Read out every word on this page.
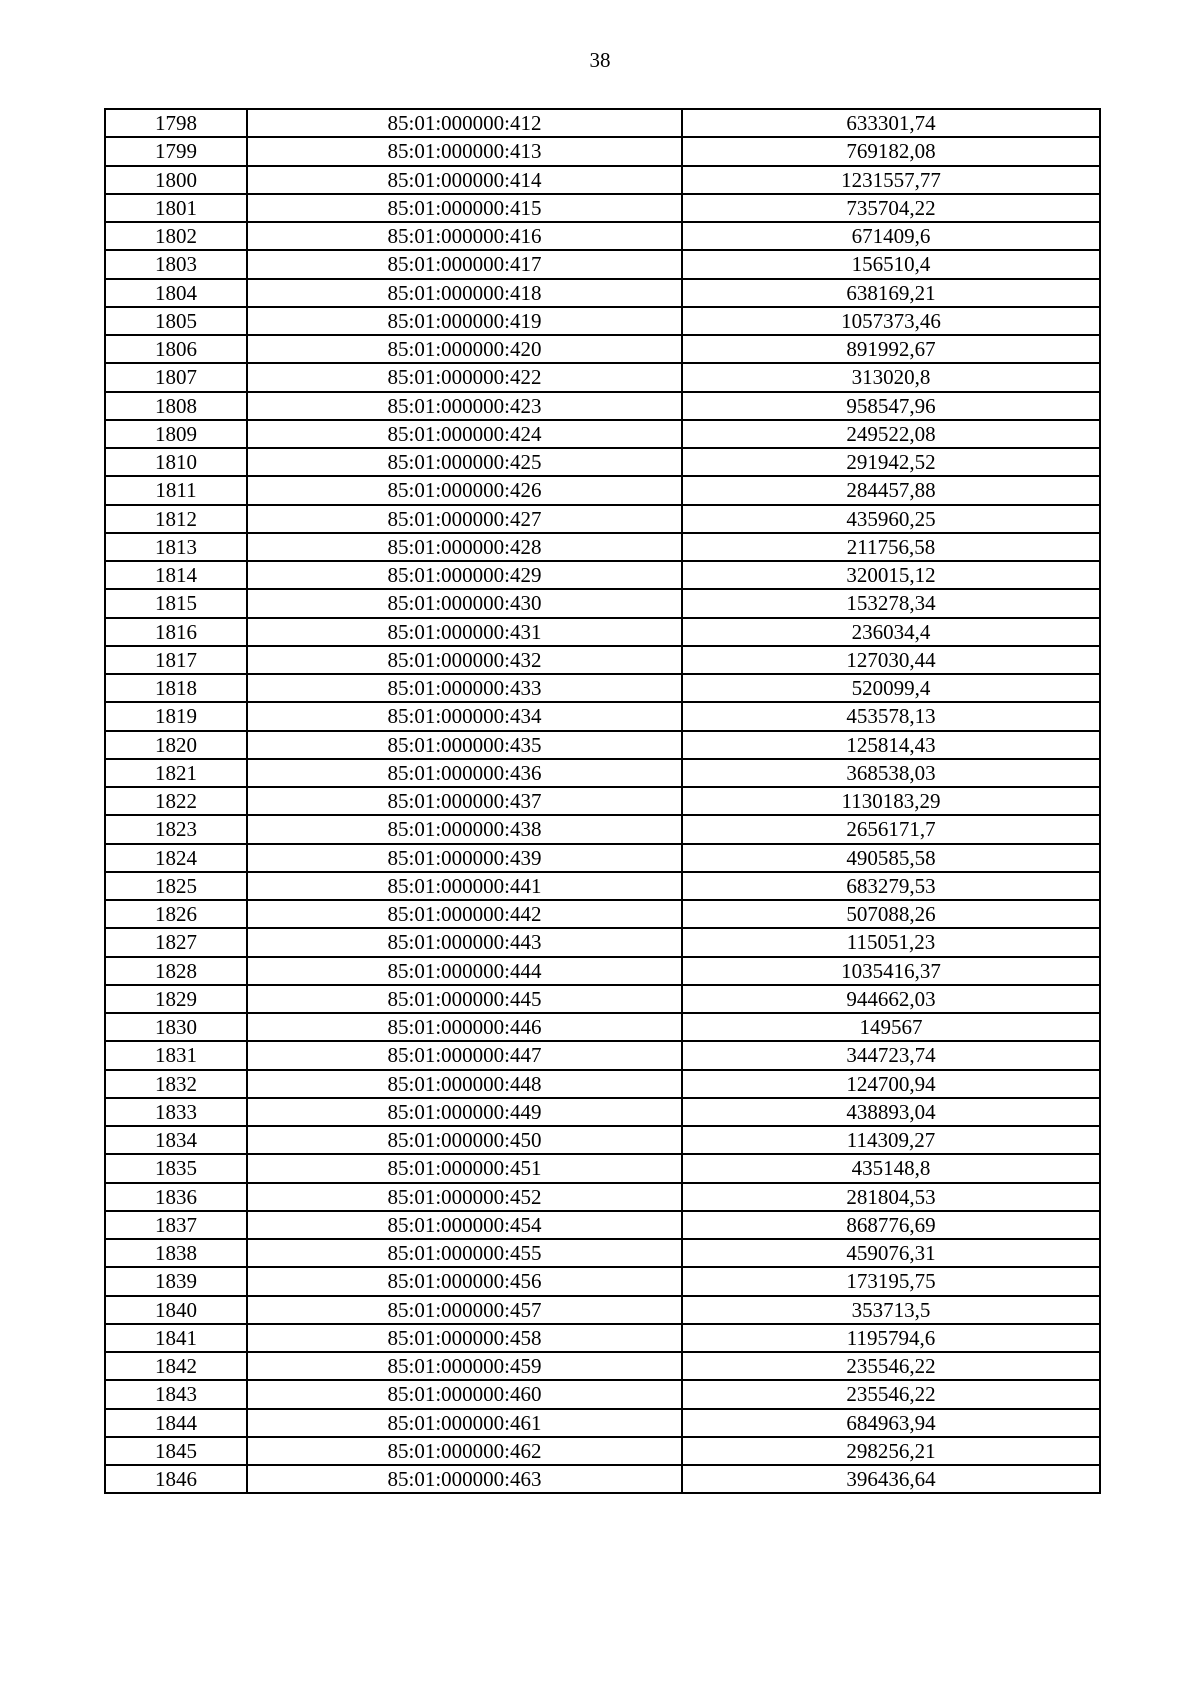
38
1798	85:01:000000:412	633301,74
1799	85:01:000000:413	769182,08
1800	85:01:000000:414	1231557,77
1801	85:01:000000:415	735704,22
1802	85:01:000000:416	671409,6
1803	85:01:000000:417	156510,4
1804	85:01:000000:418	638169,21
1805	85:01:000000:419	1057373,46
1806	85:01:000000:420	891992,67
1807	85:01:000000:422	313020,8
1808	85:01:000000:423	958547,96
1809	85:01:000000:424	249522,08
1810	85:01:000000:425	291942,52
1811	85:01:000000:426	284457,88
1812	85:01:000000:427	435960,25
1813	85:01:000000:428	211756,58
1814	85:01:000000:429	320015,12
1815	85:01:000000:430	153278,34
1816	85:01:000000:431	236034,4
1817	85:01:000000:432	127030,44
1818	85:01:000000:433	520099,4
1819	85:01:000000:434	453578,13
1820	85:01:000000:435	125814,43
1821	85:01:000000:436	368538,03
1822	85:01:000000:437	1130183,29
1823	85:01:000000:438	2656171,7
1824	85:01:000000:439	490585,58
1825	85:01:000000:441	683279,53
1826	85:01:000000:442	507088,26
1827	85:01:000000:443	115051,23
1828	85:01:000000:444	1035416,37
1829	85:01:000000:445	944662,03
1830	85:01:000000:446	149567
1831	85:01:000000:447	344723,74
1832	85:01:000000:448	124700,94
1833	85:01:000000:449	438893,04
1834	85:01:000000:450	114309,27
1835	85:01:000000:451	435148,8
1836	85:01:000000:452	281804,53
1837	85:01:000000:454	868776,69
1838	85:01:000000:455	459076,31
1839	85:01:000000:456	173195,75
1840	85:01:000000:457	353713,5
1841	85:01:000000:458	1195794,6
1842	85:01:000000:459	235546,22
1843	85:01:000000:460	235546,22
1844	85:01:000000:461	684963,94
1845	85:01:000000:462	298256,21
1846	85:01:000000:463	396436,64
